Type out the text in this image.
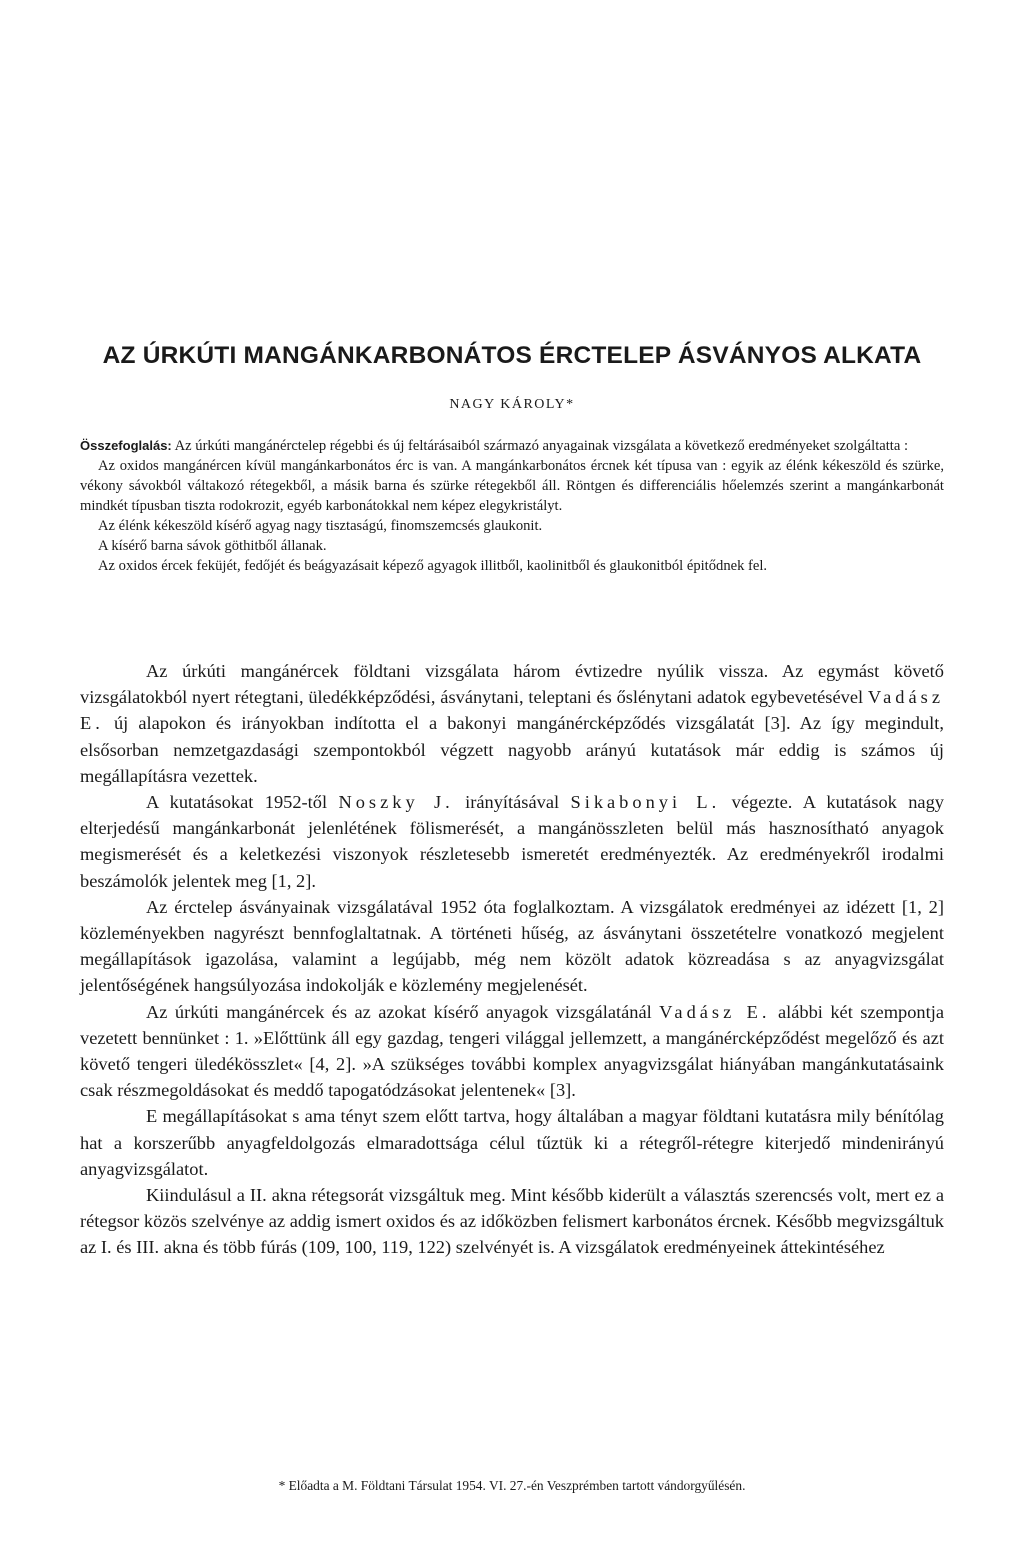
AZ ÚRKÚTI MANGÁNKARBONÁTOS ÉRCTELEP ÁSVÁNYOS ALKATA

NAGY KÁROLY*

Összefoglalás: Az úrkúti mangánérctelep régebbi és új feltárásaiból származó anyagainak vizsgálata a következő eredményeket szolgáltatta :

Az oxidos mangánércen kívül mangánkarbonátos érc is van. A mangánkarbonátos ércnek két típusa van : egyik az élénk kékeszöld és szürke, vékony sávokból váltakozó rétegekből, a másik barna és szürke rétegekből áll. Röntgen és differenciális hőelemzés szerint a mangánkarbonát mindkét típusban tiszta rodokrozit, egyéb karbonátokkal nem képez elegykristályt.

Az élénk kékeszöld kísérő agyag nagy tisztaságú, finomszemcsés glaukonit.

A kísérő barna sávok göthitből állanak.

Az oxidos ércek feküjét, fedőjét és beágyazásait képező agyagok illitből, kaolinitből és glaukonitból épitődnek fel.

Az úrkúti mangánércek földtani vizsgálata három évtizedre nyúlik vissza. Az egymást követő vizsgálatokból nyert rétegtani, üledékképződési, ásványtani, teleptani és őslénytani adatok egybevetésével Vadász E. új alapokon és irányokban indította el a bakonyi mangánércképződés vizsgálatát [3]. Az így megindult, elsősorban nemzetgazdasági szempontokból végzett nagyobb arányú kutatások már eddig is számos új megállapításra vezettek.

A kutatásokat 1952-től Noszky J. irányításával Sikabonyi L. végezte. A kutatások nagy elterjedésű mangánkarbonát jelenlétének fölismerését, a mangánösszleten belül más hasznosítható anyagok megismerését és a keletkezési viszonyok részletesebb ismeretét eredményezték. Az eredményekről irodalmi beszámolók jelentek meg [1, 2].

Az érctelep ásványainak vizsgálatával 1952 óta foglalkoztam. A vizsgálatok eredményei az idézett [1, 2] közleményekben nagyrészt bennfoglaltatnak. A történeti hűség, az ásványtani összetételre vonatkozó megjelent megállapítások igazolása, valamint a legújabb, még nem közölt adatok közreadása s az anyagvizsgálat jelentőségének hangsúlyozása indokolják e közlemény megjelenését.

Az úrkúti mangánércek és az azokat kísérő anyagok vizsgálatánál Vadász E. alábbi két szempontja vezetett bennünket : 1. »Előttünk áll egy gazdag, tengeri világgal jellemzett, a mangánércképződést megelőző és azt követő tengeri üledékösszlet« [4, 2]. »A szükséges további komplex anyagvizsgálat hiányában mangánkutatásaink csak részmegoldásokat és meddő tapogatódzásokat jelentenek« [3].

E megállapításokat s ama tényt szem előtt tartva, hogy általában a magyar földtani kutatásra mily bénítólag hat a korszerűbb anyagfeldolgozás elmaradottsága célul tűztük ki a rétegről-rétegre kiterjedő mindenirányú anyagvizsgálatot.

Kiindulásul a II. akna rétegsorát vizsgáltuk meg. Mint később kiderült a választás szerencsés volt, mert ez a rétegsor közös szelvénye az addig ismert oxidos és az időközben felismert karbonátos ércnek. Később megvizsgáltuk az I. és III. akna és több fúrás (109, 100, 119, 122) szelvényét is. A vizsgálatok eredményeinek áttekintéséhez

* Előadta a M. Földtani Társulat 1954. VI. 27.-én Veszprémben tartott vándorgyűlésén.
